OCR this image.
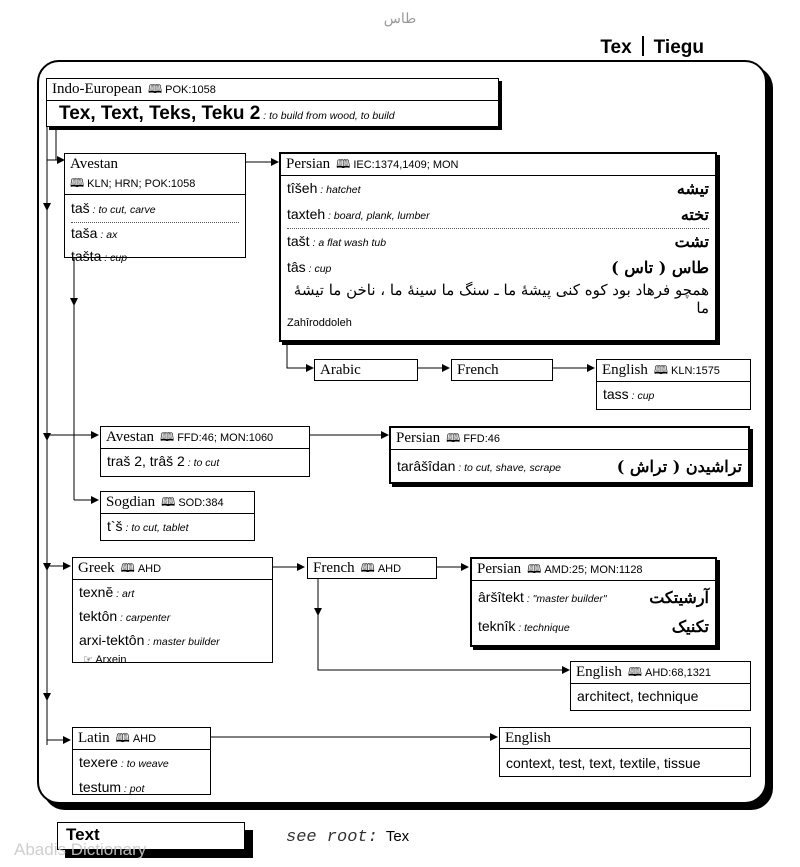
طاس
Tex Tiegu
Indo-European 🕮 POK:1058
Tex, Text, Teks, Teku 2 : to build from wood, to build
Avestan
🕮 KLN; HRN; POK:1058
taš : to cut, carve
taša : ax
tašta : cup
Persian 🕮 IEC:1374,1409; MON
tîšeh : hatchet	تیشه
taxteh : board, plank, lumber	تخته
tašt : a flat wash tub	تشت
tâs : cup	طاس ( تاس )
همچو فرهاد بود کوه کنی پیشۀ ما ـ سنگ ما سینۀ ما ، ناخن ما تیشۀ ما
Zahîroddoleh
Arabic	French	English 🕮 KLN:1575
tass : cup
Avestan 🕮 FFD:46; MON:1060
traš 2, trâš 2 : to cut
Persian 🕮 FFD:46
tarâšîdan : to cut, shave, scrape	تراشیدن ( تراش )
Sogdian 🕮 SOD:384
t`š : to cut, tablet
Greek 🕮 AHD
texnĕ : art
tektôn : carpenter
arxi-tektôn : master builder
☞ Arxein
French 🕮 AHD	Persian 🕮 AMD:25; MON:1128
âršîtekt : "master builder"	آرشیتکت
teknîk : technique	تکنیک
English 🕮 AHD:68,1321
architect, technique
Latin 🕮 AHD
texere : to weave
testum : pot
English
context, test, text, textile, tissue
Text	see root: Tex
Abadis Dictionary
